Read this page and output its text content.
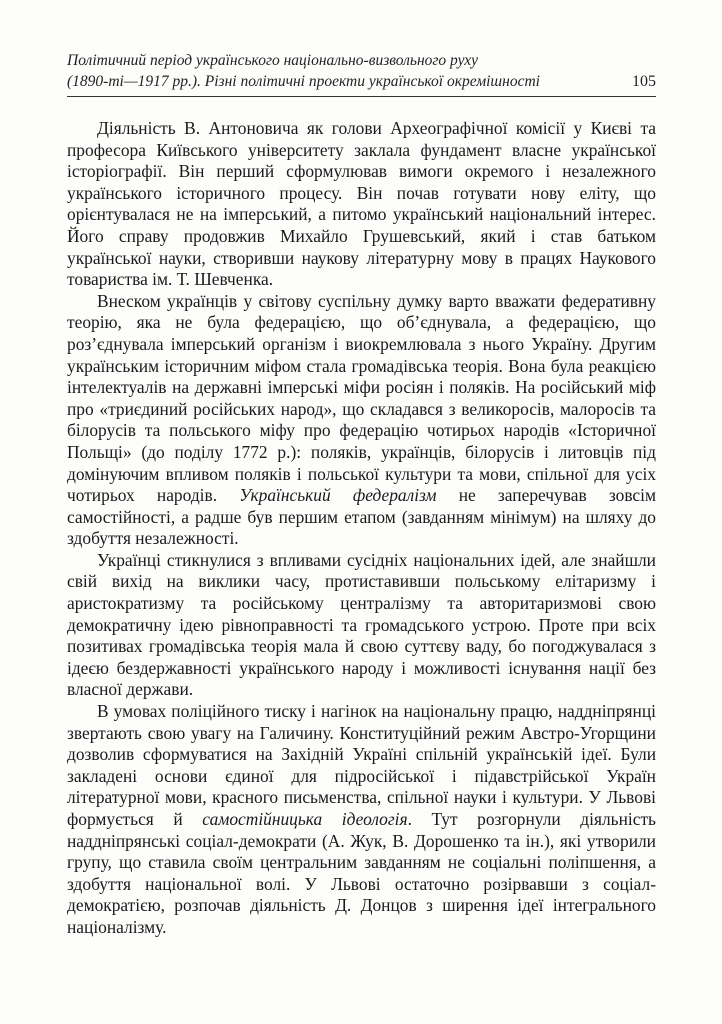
Політичний період українського національно-визвольного руху
(1890-ті—1917 рр.). Різні політичні проекти української окремішності	105

Діяльність В. Антоновича як голови Археографічної комісії у Києві та професора Київського університету заклала фундамент власне української історіографії. Він перший сформулював вимоги окремого і незалежного українського історичного процесу. Він почав готувати нову еліту, що орієнтувалася не на імперський, а питомо український національний інтерес. Його справу продовжив Михайло Грушевський, який і став батьком української науки, створивши наукову літературну мову в працях Наукового товариства ім. Т. Шевченка.

Внеском українців у світову суспільну думку варто вважати федеративну теорію, яка не була федерацією, що об’єднувала, а федерацією, що роз’єднувала імперський організм і виокремлювала з нього Україну. Другим українським історичним міфом стала громадівська теорія. Вона була реакцією інтелектуалів на державні імперські міфи росіян і поляків. На російський міф про «триєдиний російських народ», що складався з великоросів, малоросів та білорусів та польського міфу про федерацію чотирьох народів «Історичної Польщі» (до поділу 1772 р.): поляків, українців, білорусів і литовців під домінуючим впливом поляків і польської культури та мови, спільної для усіх чотирьох народів. Український федералізм не заперечував зовсім самостійності, а радше був першим етапом (завданням мінімум) на шляху до здобуття незалежності.

Українці стикнулися з впливами сусідніх національних ідей, але знайшли свій вихід на виклики часу, протиставивши польському елітаризму і аристократизму та російському централізму та авторитаризмові свою демократичну ідею рівноправності та громадського устрою. Проте при всіх позитивах громадівська теорія мала й свою суттєву ваду, бо погоджувалася з ідеєю бездержавності українського народу і можливості існування нації без власної держави.

В умовах поліційного тиску і нагінок на національну працю, наддніпрянці звертають свою увагу на Галичину. Конституційний режим Австро-Угорщини дозволив сформуватися на Західній Україні спільній українській ідеї. Були закладені основи єдиної для підросійської і підавстрійської Україн літературної мови, красного письменства, спільної науки і культури. У Львові формується й самостійницька ідеологія. Тут розгорнули діяльність наддніпрянські соціал-демократи (А. Жук, В. Дорошенко та ін.), які утворили групу, що ставила своїм центральним завданням не соціальні поліпшення, а здобуття національної волі. У Львові остаточно розірвавши з соціал-демократією, розпочав діяльність Д. Донцов з ширення ідеї інтегрального націоналізму.
